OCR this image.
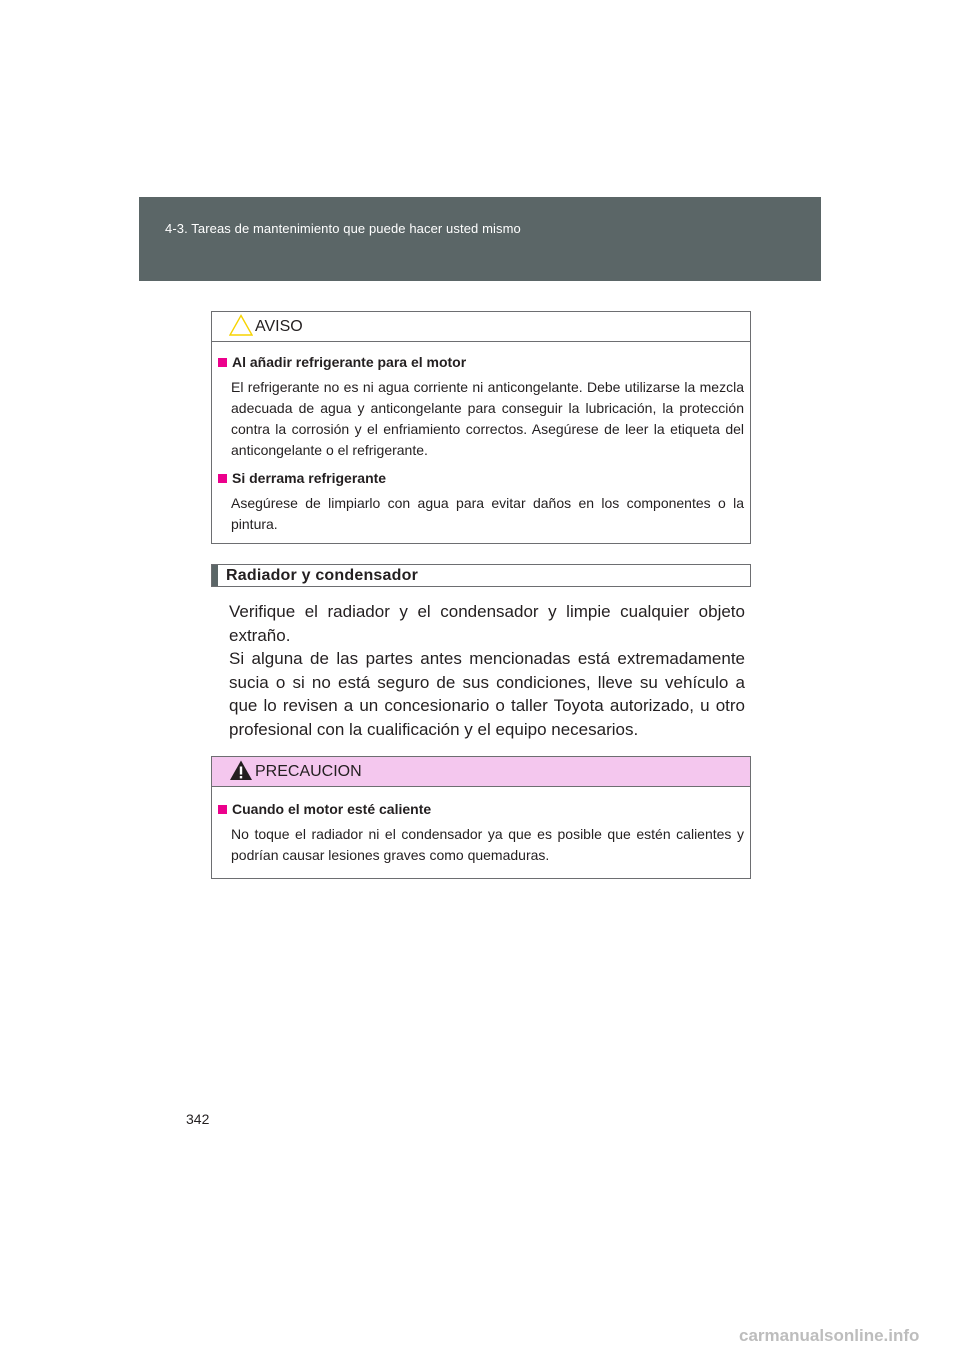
4-3. Tareas de mantenimiento que puede hacer usted mismo
AVISO

Al añadir refrigerante para el motor

El refrigerante no es ni agua corriente ni anticongelante. Debe utilizarse la mezcla adecuada de agua y anticongelante para conseguir la lubricación, la protección contra la corrosión y el enfriamiento correctos. Asegúrese de leer la etiqueta del anticongelante o el refrigerante.

Si derrama refrigerante

Asegúrese de limpiarlo con agua para evitar daños en los componentes o la pintura.

Radiador y condensador

Verifique el radiador y el condensador y limpie cualquier objeto extraño.

Si alguna de las partes antes mencionadas está extremadamente sucia o si no está seguro de sus condiciones, lleve su vehículo a que lo revisen a un concesionario o taller Toyota autorizado, u otro profesional con la cualificación y el equipo necesarios.

PRECAUCION

Cuando el motor esté caliente

No toque el radiador ni el condensador ya que es posible que estén calientes y podrían causar lesiones graves como quemaduras.

342
carmanualsonline.info
